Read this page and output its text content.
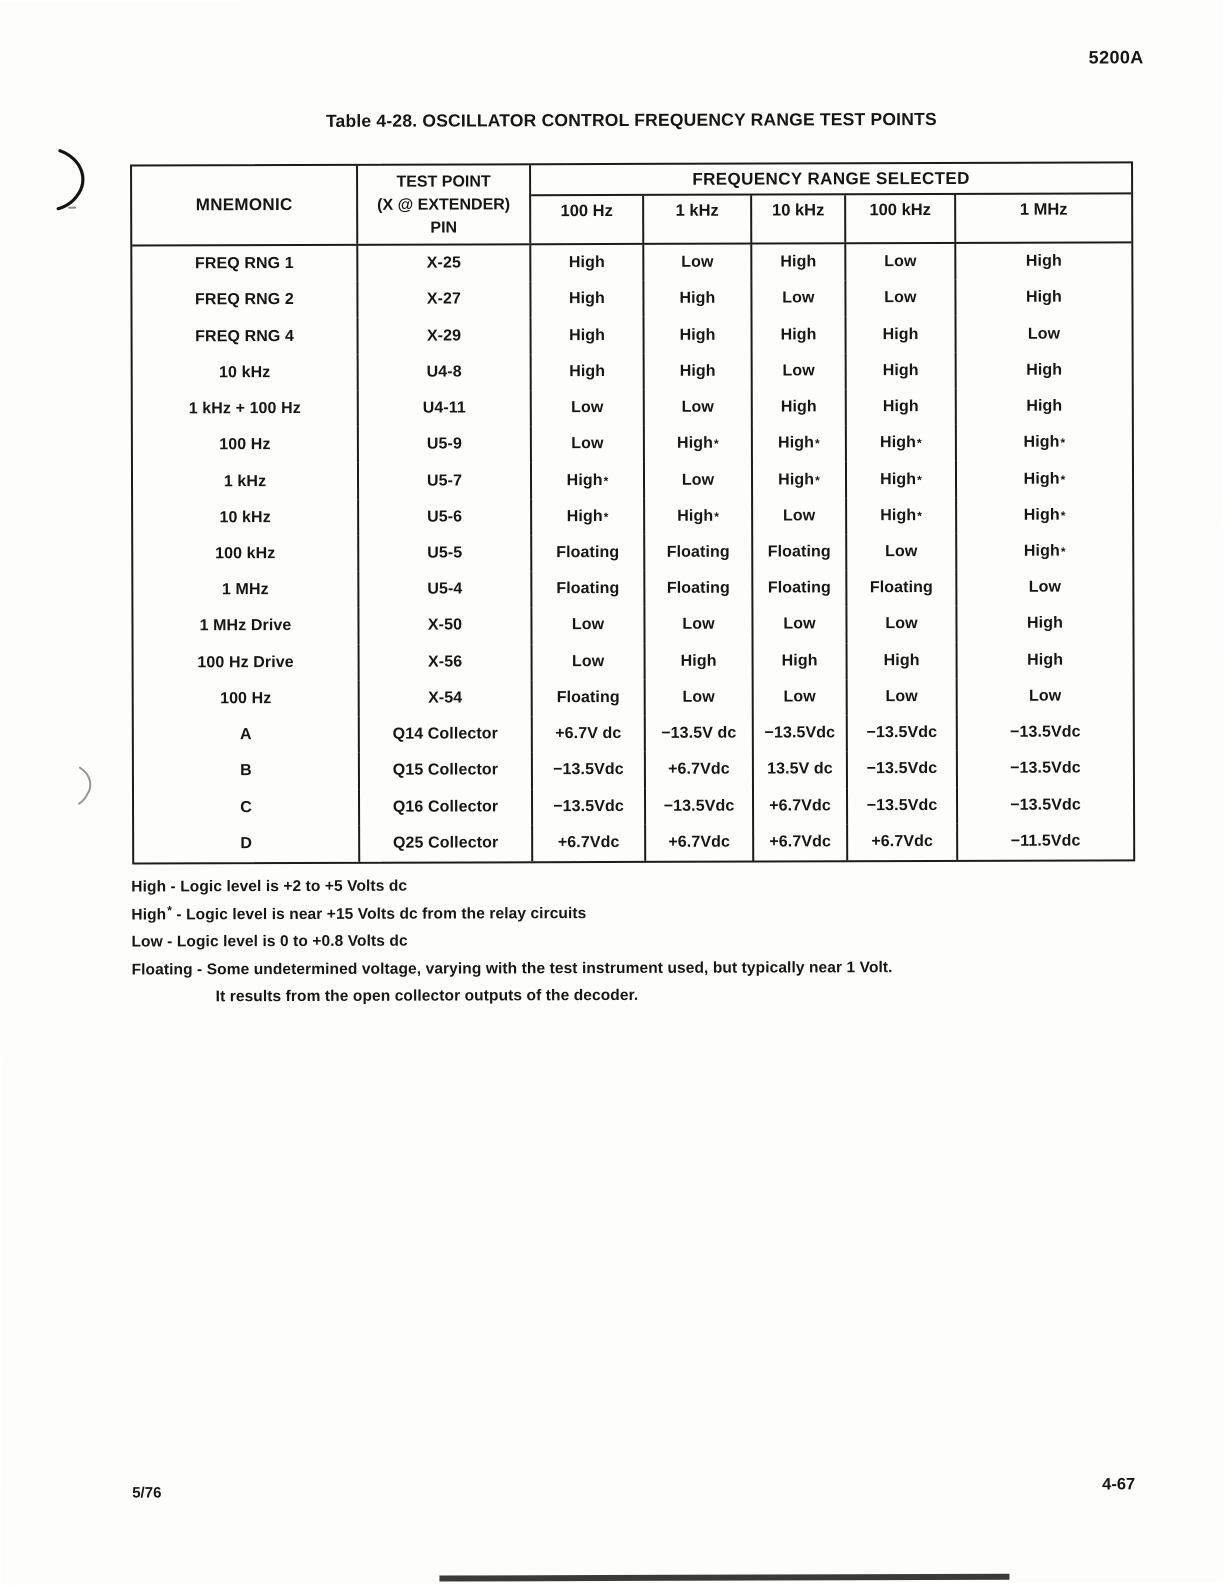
5200A
Table 4-28. OSCILLATOR CONTROL FREQUENCY RANGE TEST POINTS
MNEMONIC
TEST POINT
(X @ EXTENDER)
PIN
FREQUENCY RANGE SELECTED
100 Hz	1 kHz	10 kHz	100 kHz	1 MHz
FREQ RNG 1	X-25	High	Low	High	Low	High
FREQ RNG 2	X-27	High	High	Low	Low	High
FREQ RNG 4	X-29	High	High	High	High	Low
10 kHz	U4-8	High	High	Low	High	High
1 kHz + 100 Hz	U4-11	Low	Low	High	High	High
100 Hz	U5-9	Low	High *	High *	High *	High *
1 kHz	U5-7	High *	Low	High *	High *	High *
10 kHz	U5-6	High *	High *	Low	High *	High *
100 kHz	U5-5	Floating	Floating	Floating	Low	High *
1 MHz	U5-4	Floating	Floating	Floating	Floating	Low
1 MHz Drive	X-50	Low	Low	Low	Low	High
100 Hz Drive	X-56	Low	High	High	High	High
100 Hz	X-54	Floating	Low	Low	Low	Low
A	Q14 Collector	+6.7V dc	−13.5V dc	−13.5Vdc	−13.5Vdc	−13.5Vdc
B	Q15 Collector	−13.5Vdc	+6.7Vdc	13.5V dc	−13.5Vdc	−13.5Vdc
C	Q16 Collector	−13.5Vdc	−13.5Vdc	+6.7Vdc	−13.5Vdc	−13.5Vdc
D	Q25 Collector	+6.7Vdc	+6.7Vdc	+6.7Vdc	+6.7Vdc	−11.5Vdc
High - Logic level is +2 to +5 Volts dc
High* - Logic level is near +15 Volts dc from the relay circuits
Low - Logic level is 0 to +0.8 Volts dc
Floating - Some undetermined voltage, varying with the test instrument used, but typically near 1 Volt.
It results from the open collector outputs of the decoder.
5/76	4-67
